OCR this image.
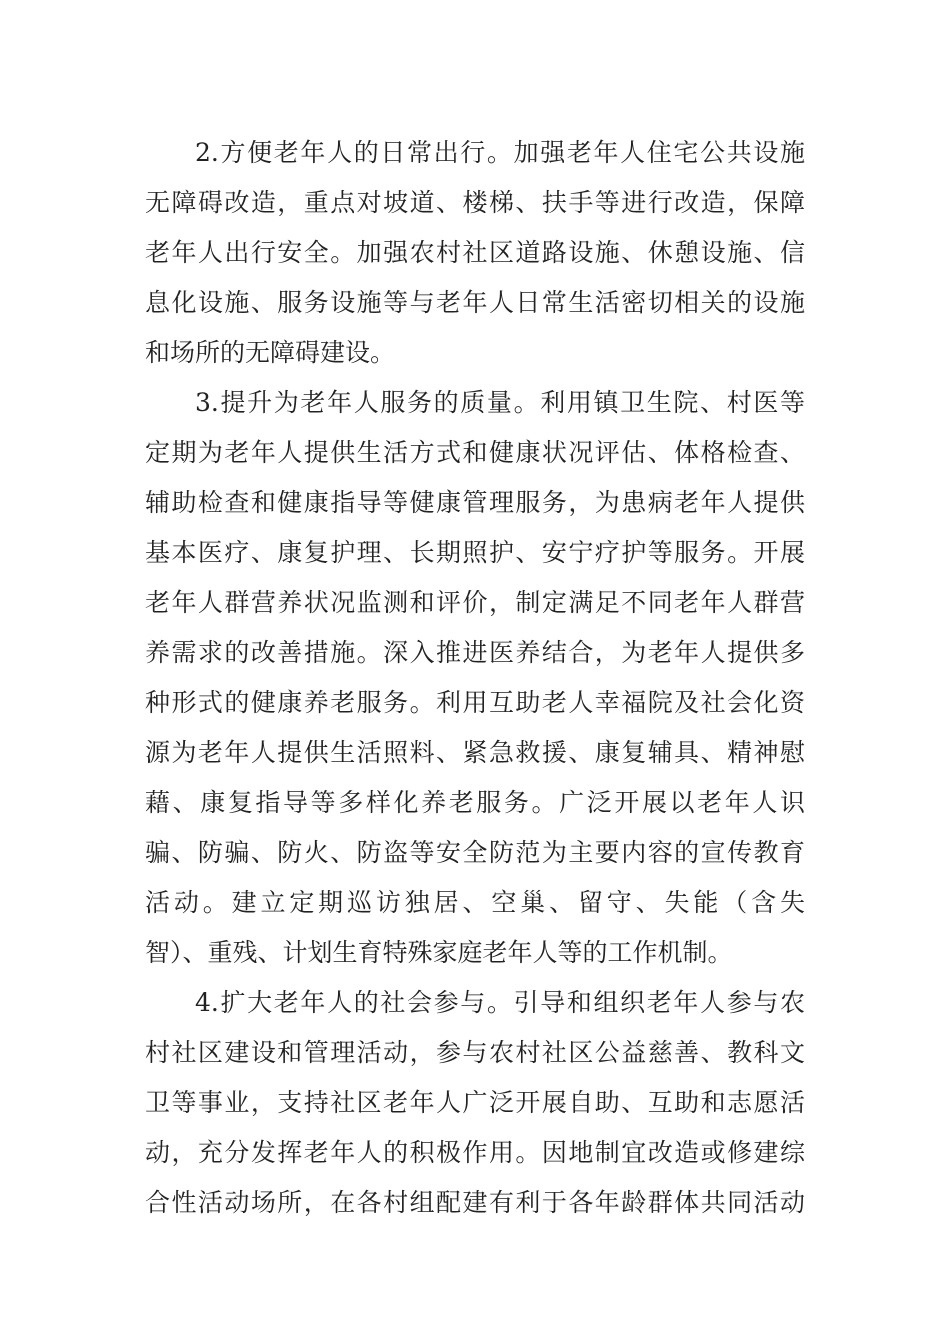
2.方便老年人的日常出行。加强老年人住宅公共设施
无障碍改造，重点对坡道、楼梯、扶手等进行改造，保障
老年人出行安全。加强农村社区道路设施、休憩设施、信
息化设施、服务设施等与老年人日常生活密切相关的设施
和场所的无障碍建设。
3.提升为老年人服务的质量。利用镇卫生院、村医等
定期为老年人提供生活方式和健康状况评估、体格检查、
辅助检查和健康指导等健康管理服务，为患病老年人提供
基本医疗、康复护理、长期照护、安宁疗护等服务。开展
老年人群营养状况监测和评价，制定满足不同老年人群营
养需求的改善措施。深入推进医养结合，为老年人提供多
种形式的健康养老服务。利用互助老人幸福院及社会化资
源为老年人提供生活照料、紧急救援、康复辅具、精神慰
藉、康复指导等多样化养老服务。广泛开展以老年人识
骗、防骗、防火、防盗等安全防范为主要内容的宣传教育
活动。建立定期巡访独居、空巢、留守、失能（含失
智）、重残、计划生育特殊家庭老年人等的工作机制。
4.扩大老年人的社会参与。引导和组织老年人参与农
村社区建设和管理活动，参与农村社区公益慈善、教科文
卫等事业，支持社区老年人广泛开展自助、互助和志愿活
动，充分发挥老年人的积极作用。因地制宜改造或修建综
合性活动场所，在各村组配建有利于各年龄群体共同活动
